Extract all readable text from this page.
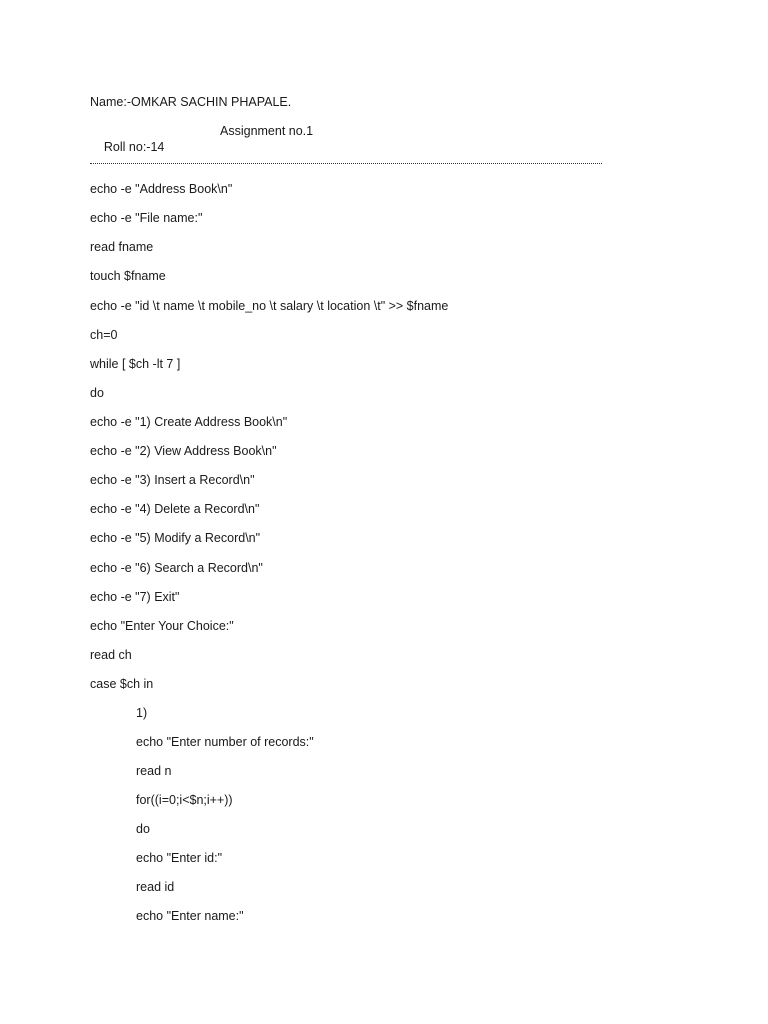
Name:-OMKAR SACHIN PHAPALE.

Roll no:-14

Assignment no.1

echo -e "Address Book\n"
echo -e "File name:"
read fname
touch $fname
echo -e "id \t name \t mobile_no \t salary \t location \t" >> $fname
ch=0
while [ $ch -lt 7 ]
do
echo -e "1) Create Address Book\n"
echo -e "2) View Address Book\n"
echo -e "3) Insert a Record\n"
echo -e "4) Delete a Record\n"
echo -e "5) Modify a Record\n"
echo -e "6) Search a Record\n"
echo -e "7) Exit"
echo "Enter Your Choice:"
read ch
case $ch in
1)
echo "Enter number of records:"
read n
for((i=0;i<$n;i++))
do
echo "Enter id:"
read id
echo "Enter name:"
